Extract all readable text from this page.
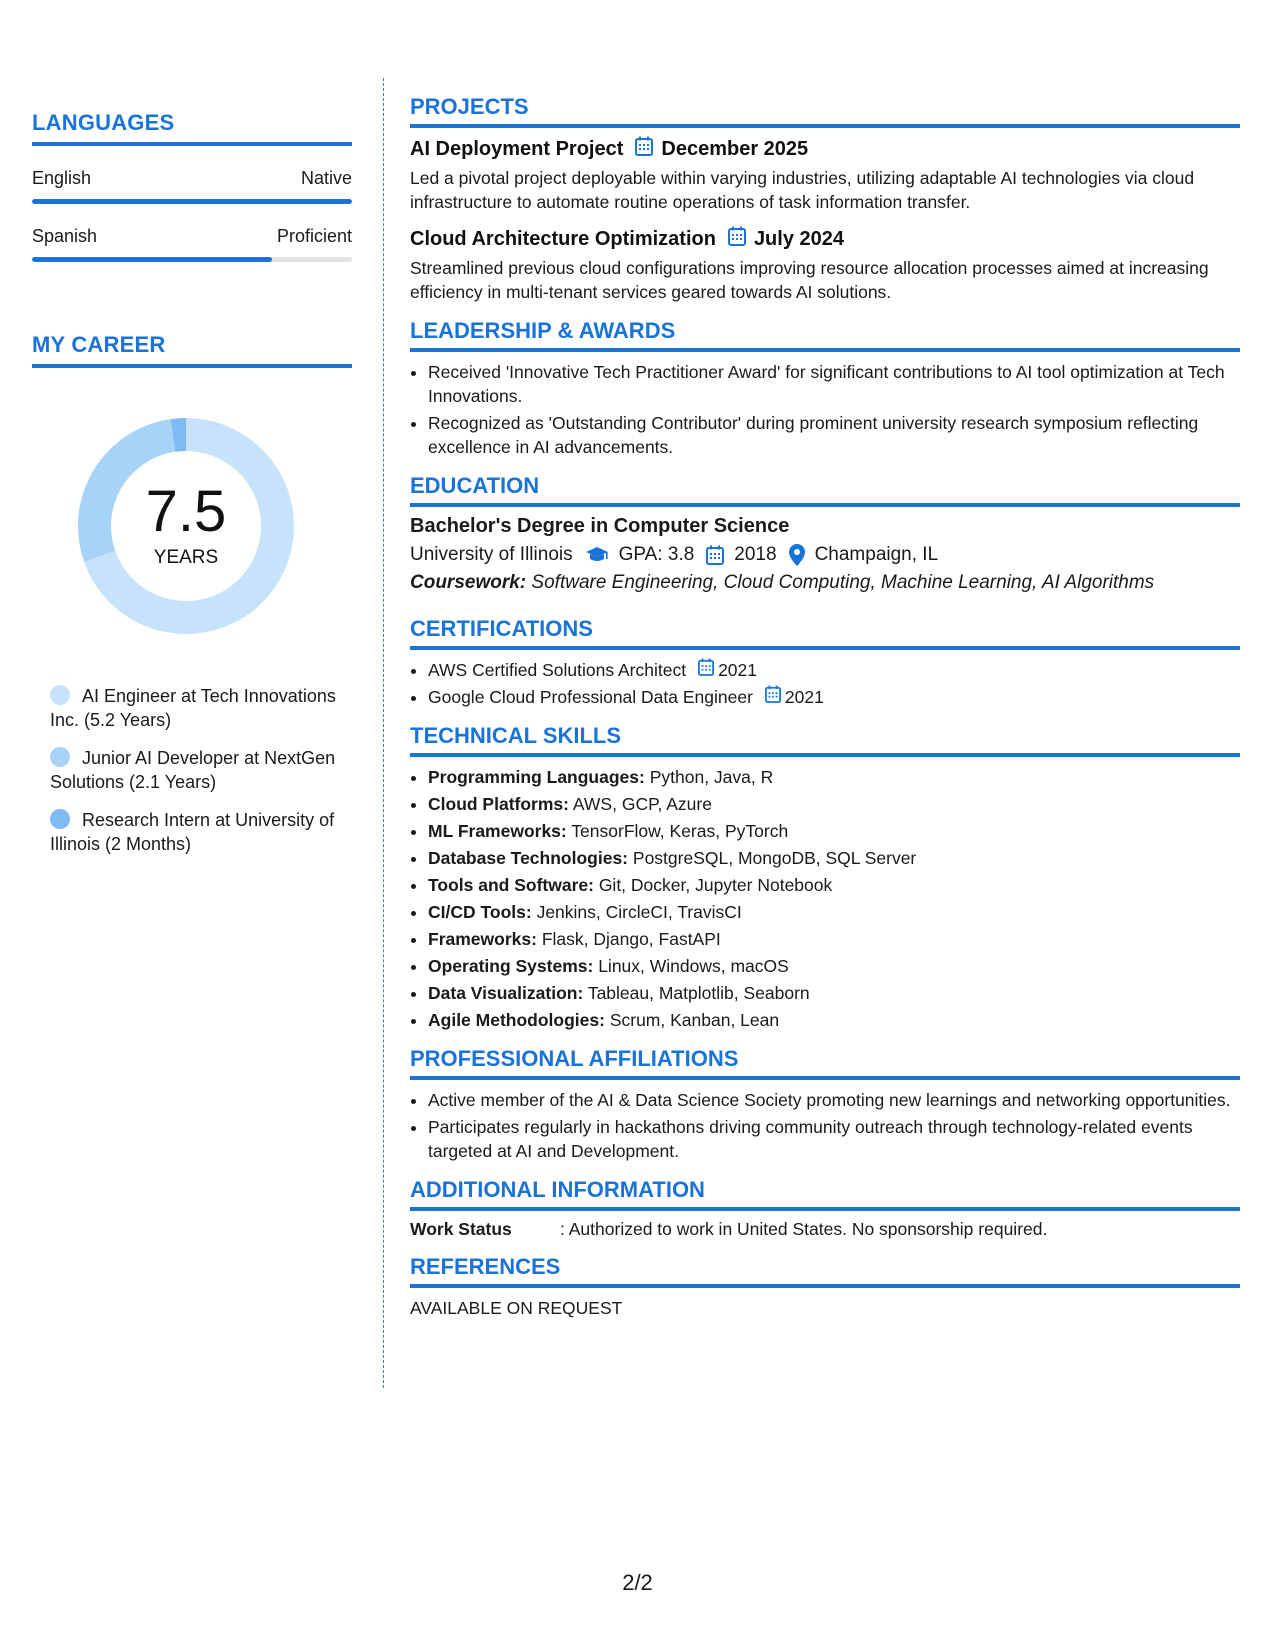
LANGUAGES
English	Native
Spanish	Proficient
MY CAREER
7.5
YEARS
AI Engineer at Tech Innovations Inc. (5.2 Years)
Junior AI Developer at NextGen Solutions (2.1 Years)
Research Intern at University of Illinois (2 Months)
PROJECTS
AI Deployment Project December 2025
Led a pivotal project deployable within varying industries, utilizing adaptable AI technologies via cloud infrastructure to automate routine operations of task information transfer.
Cloud Architecture Optimization July 2024
Streamlined previous cloud configurations improving resource allocation processes aimed at increasing efficiency in multi-tenant services geared towards AI solutions.
LEADERSHIP & AWARDS
• Received 'Innovative Tech Practitioner Award' for significant contributions to AI tool optimization at Tech Innovations.
• Recognized as 'Outstanding Contributor' during prominent university research symposium reflecting excellence in AI advancements.
EDUCATION
Bachelor's Degree in Computer Science
University of Illinois GPA: 3.8 2018 Champaign, IL
Coursework: Software Engineering, Cloud Computing, Machine Learning, AI Algorithms
CERTIFICATIONS
• AWS Certified Solutions Architect 2021
• Google Cloud Professional Data Engineer 2021
TECHNICAL SKILLS
• Programming Languages: Python, Java, R
• Cloud Platforms: AWS, GCP, Azure
• ML Frameworks: TensorFlow, Keras, PyTorch
• Database Technologies: PostgreSQL, MongoDB, SQL Server
• Tools and Software: Git, Docker, Jupyter Notebook
• CI/CD Tools: Jenkins, CircleCI, TravisCI
• Frameworks: Flask, Django, FastAPI
• Operating Systems: Linux, Windows, macOS
• Data Visualization: Tableau, Matplotlib, Seaborn
• Agile Methodologies: Scrum, Kanban, Lean
PROFESSIONAL AFFILIATIONS
• Active member of the AI & Data Science Society promoting new learnings and networking opportunities.
• Participates regularly in hackathons driving community outreach through technology-related events targeted at AI and Development.
ADDITIONAL INFORMATION
Work Status	: Authorized to work in United States. No sponsorship required.
REFERENCES
AVAILABLE ON REQUEST
2/2
